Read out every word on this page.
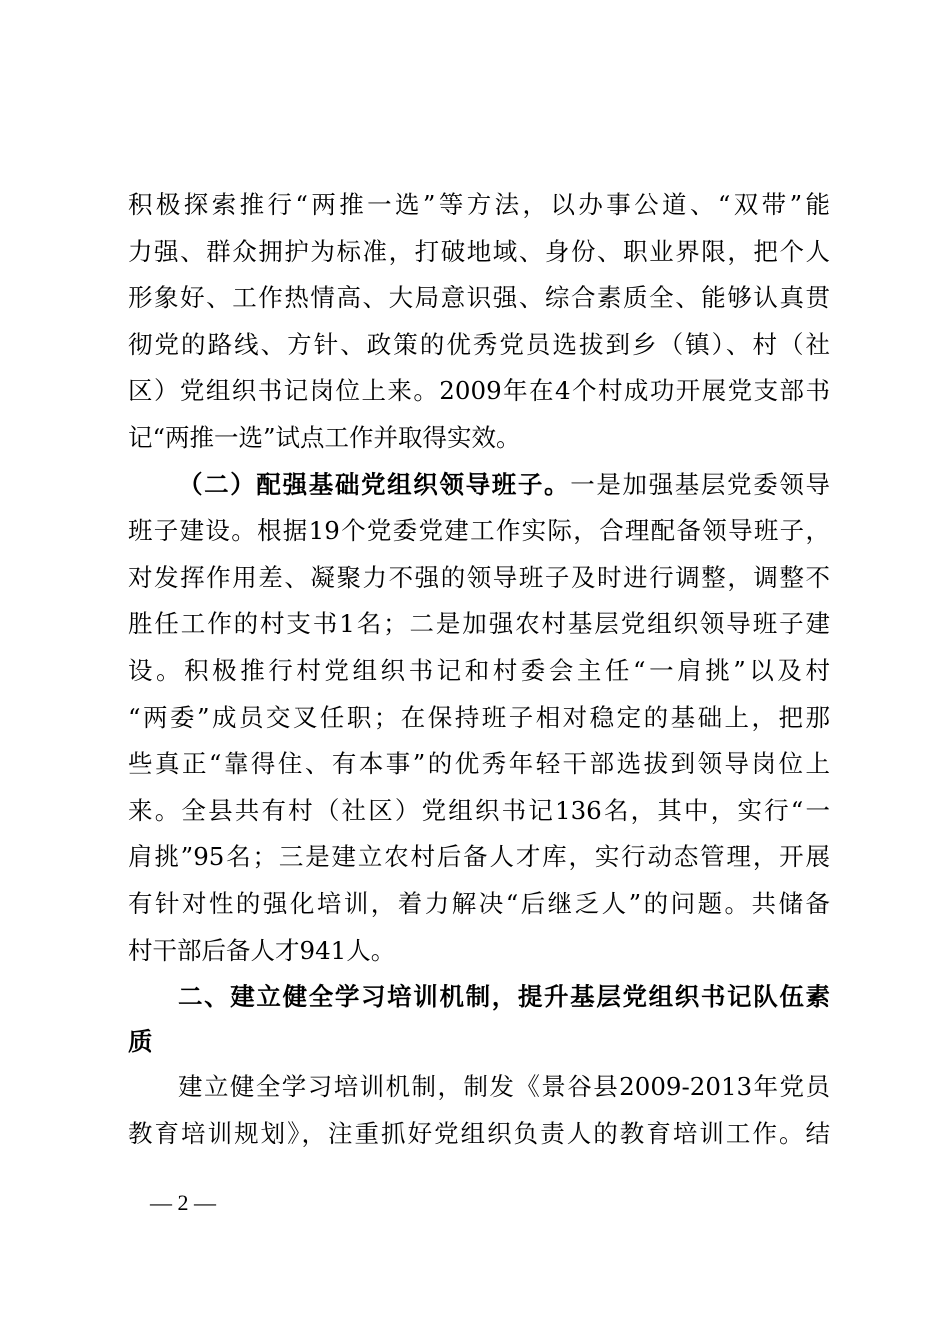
积极探索推行“两推一选”等方法，以办事公道、“双带”能
力强、群众拥护为标准，打破地域、身份、职业界限，把个人
形象好、工作热情高、大局意识强、综合素质全、能够认真贯
彻党的路线、方针、政策的优秀党员选拔到乡（镇）、村（社
区）党组织书记岗位上来。2009年在4个村成功开展党支部书
记“两推一选”试点工作并取得实效。
（二）配强基础党组织领导班子。一是加强基层党委领导
班子建设。根据19个党委党建工作实际，合理配备领导班子，
对发挥作用差、凝聚力不强的领导班子及时进行调整，调整不
胜任工作的村支书1名；二是加强农村基层党组织领导班子建
设。积极推行村党组织书记和村委会主任“一肩挑”以及村
“两委”成员交叉任职；在保持班子相对稳定的基础上，把那
些真正“靠得住、有本事”的优秀年轻干部选拔到领导岗位上
来。全县共有村（社区）党组织书记136名，其中，实行“一
肩挑”95名；三是建立农村后备人才库，实行动态管理，开展
有针对性的强化培训，着力解决“后继乏人”的问题。共储备
村干部后备人才941人。
二、建立健全学习培训机制，提升基层党组织书记队伍素
质
建立健全学习培训机制，制发《景谷县2009-2013年党员
教育培训规划》，注重抓好党组织负责人的教育培训工作。结
— 2 —
